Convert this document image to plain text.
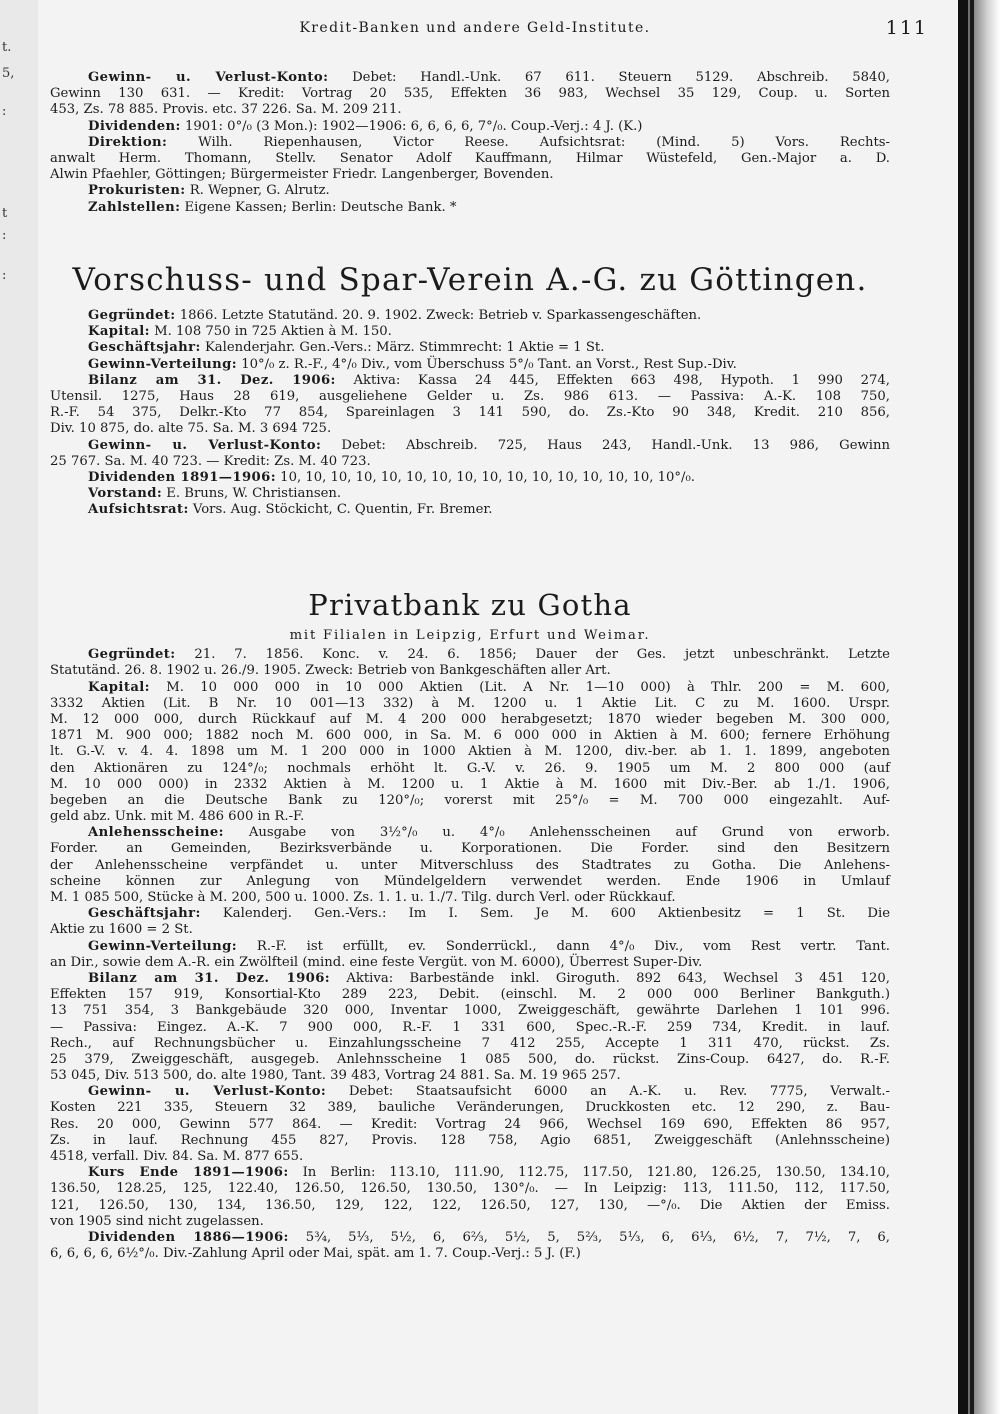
t.
5,
:
t
:
:
Kredit-Banken und andere Geld-Institute.	111
Gewinn- u. Verlust-Konto: Debet: Handl.-Unk. 67 611. Steuern 5129. Abschreib. 5840,
Gewinn 130 631. — Kredit: Vortrag 20 535, Effekten 36 983, Wechsel 35 129, Coup. u. Sorten
453, Zs. 78 885. Provis. etc. 37 226. Sa. M. 209 211.
Dividenden: 1901: 0°/₀ (3 Mon.): 1902—1906: 6, 6, 6, 6, 7°/₀. Coup.-Verj.: 4 J. (K.)
Direktion: Wilh. Riepenhausen, Victor Reese. Aufsichtsrat: (Mind. 5) Vors. Rechts-
anwalt Herm. Thomann, Stellv. Senator Adolf Kauffmann, Hilmar Wüstefeld, Gen.-Major a. D.
Alwin Pfaehler, Göttingen; Bürgermeister Friedr. Langenberger, Bovenden.
Prokuristen: R. Wepner, G. Alrutz.
Zahlstellen: Eigene Kassen; Berlin: Deutsche Bank. *
Vorschuss- und Spar-Verein A.-G. zu Göttingen.
Gegründet: 1866. Letzte Statutänd. 20. 9. 1902. Zweck: Betrieb v. Sparkassengeschäften.
Kapital: M. 108 750 in 725 Aktien à M. 150.
Geschäftsjahr: Kalenderjahr. Gen.-Vers.: März. Stimmrecht: 1 Aktie = 1 St.
Gewinn-Verteilung: 10°/₀ z. R.-F., 4°/₀ Div., vom Überschuss 5°/₀ Tant. an Vorst., Rest Sup.-Div.
Bilanz am 31. Dez. 1906: Aktiva: Kassa 24 445, Effekten 663 498, Hypoth. 1 990 274,
Utensil. 1275, Haus 28 619, ausgeliehene Gelder u. Zs. 986 613. — Passiva: A.-K. 108 750,
R.-F. 54 375, Delkr.-Kto 77 854, Spareinlagen 3 141 590, do. Zs.-Kto 90 348, Kredit. 210 856,
Div. 10 875, do. alte 75. Sa. M. 3 694 725.
Gewinn- u. Verlust-Konto: Debet: Abschreib. 725, Haus 243, Handl.-Unk. 13 986, Gewinn
25 767. Sa. M. 40 723. — Kredit: Zs. M. 40 723.
Dividenden 1891—1906: 10, 10, 10, 10, 10, 10, 10, 10, 10, 10, 10, 10, 10, 10, 10, 10°/₀.
Vorstand: E. Bruns, W. Christiansen.
Aufsichtsrat: Vors. Aug. Stöckicht, C. Quentin, Fr. Bremer.
Privatbank zu Gotha
mit Filialen in Leipzig, Erfurt und Weimar.
Gegründet: 21. 7. 1856. Konc. v. 24. 6. 1856; Dauer der Ges. jetzt unbeschränkt. Letzte
Statutänd. 26. 8. 1902 u. 26./9. 1905. Zweck: Betrieb von Bankgeschäften aller Art.
Kapital: M. 10 000 000 in 10 000 Aktien (Lit. A Nr. 1—10 000) à Thlr. 200 = M. 600,
3332 Aktien (Lit. B Nr. 10 001—13 332) à M. 1200 u. 1 Aktie Lit. C zu M. 1600. Urspr.
M. 12 000 000, durch Rückkauf auf M. 4 200 000 herabgesetzt; 1870 wieder begeben M. 300 000,
1871 M. 900 000; 1882 noch M. 600 000, in Sa. M. 6 000 000 in Aktien à M. 600; fernere Erhöhung
lt. G.-V. v. 4. 4. 1898 um M. 1 200 000 in 1000 Aktien à M. 1200, div.-ber. ab 1. 1. 1899, angeboten
den Aktionären zu 124°/₀; nochmals erhöht lt. G.-V. v. 26. 9. 1905 um M. 2 800 000 (auf
M. 10 000 000) in 2332 Aktien à M. 1200 u. 1 Aktie à M. 1600 mit Div.-Ber. ab 1./1. 1906,
begeben an die Deutsche Bank zu 120°/₀; vorerst mit 25°/₀ = M. 700 000 eingezahlt. Auf-
geld abz. Unk. mit M. 486 600 in R.-F.
Anlehensscheine: Ausgabe von 3½°/₀ u. 4°/₀ Anlehensscheinen auf Grund von erworb.
Forder. an Gemeinden, Bezirksverbände u. Korporationen. Die Forder. sind den Besitzern
der Anlehensscheine verpfändet u. unter Mitverschluss des Stadtrates zu Gotha. Die Anlehens-
scheine können zur Anlegung von Mündelgeldern verwendet werden. Ende 1906 in Umlauf
M. 1 085 500, Stücke à M. 200, 500 u. 1000. Zs. 1. 1. u. 1./7. Tilg. durch Verl. oder Rückkauf.
Geschäftsjahr: Kalenderj. Gen.-Vers.: Im I. Sem. Je M. 600 Aktienbesitz = 1 St. Die
Aktie zu 1600 = 2 St.
Gewinn-Verteilung: R.-F. ist erfüllt, ev. Sonderrückl., dann 4°/₀ Div., vom Rest vertr. Tant.
an Dir., sowie dem A.-R. ein Zwölfteil (mind. eine feste Vergüt. von M. 6000), Überrest Super-Div.
Bilanz am 31. Dez. 1906: Aktiva: Barbestände inkl. Giroguth. 892 643, Wechsel 3 451 120,
Effekten 157 919, Konsortial-Kto 289 223, Debit. (einschl. M. 2 000 000 Berliner Bankguth.)
13 751 354, 3 Bankgebäude 320 000, Inventar 1000, Zweiggeschäft, gewährte Darlehen 1 101 996.
— Passiva: Eingez. A.-K. 7 900 000, R.-F. 1 331 600, Spec.-R.-F. 259 734, Kredit. in lauf.
Rech., auf Rechnungsbücher u. Einzahlungsscheine 7 412 255, Accepte 1 311 470, rückst. Zs.
25 379, Zweiggeschäft, ausgegeb. Anlehnsscheine 1 085 500, do. rückst. Zins-Coup. 6427, do. R.-F.
53 045, Div. 513 500, do. alte 1980, Tant. 39 483, Vortrag 24 881. Sa. M. 19 965 257.
Gewinn- u. Verlust-Konto: Debet: Staatsaufsicht 6000 an A.-K. u. Rev. 7775, Verwalt.-
Kosten 221 335, Steuern 32 389, bauliche Veränderungen, Druckkosten etc. 12 290, z. Bau-
Res. 20 000, Gewinn 577 864. — Kredit: Vortrag 24 966, Wechsel 169 690, Effekten 86 957,
Zs. in lauf. Rechnung 455 827, Provis. 128 758, Agio 6851, Zweiggeschäft (Anlehnsscheine)
4518, verfall. Div. 84. Sa. M. 877 655.
Kurs Ende 1891—1906: In Berlin: 113.10, 111.90, 112.75, 117.50, 121.80, 126.25, 130.50, 134.10,
136.50, 128.25, 125, 122.40, 126.50, 126.50, 130.50, 130°/₀. — In Leipzig: 113, 111.50, 112, 117.50,
121, 126.50, 130, 134, 136.50, 129, 122, 122, 126.50, 127, 130, —°/₀. Die Aktien der Emiss.
von 1905 sind nicht zugelassen.
Dividenden 1886—1906: 5¾, 5⅓, 5½, 6, 6⅔, 5½, 5, 5⅔, 5⅓, 6, 6⅓, 6½, 7, 7½, 7, 6,
6, 6, 6, 6, 6½°/₀. Div.-Zahlung April oder Mai, spät. am 1. 7. Coup.-Verj.: 5 J. (F.)
